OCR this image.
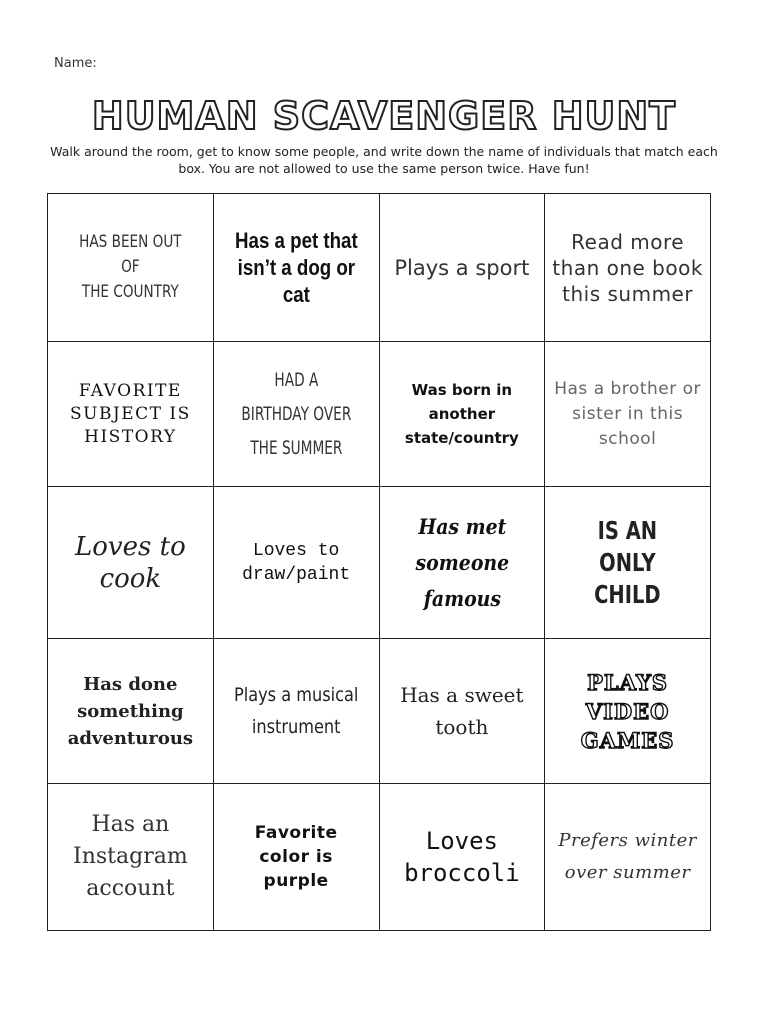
Name:
HUMAN SCAVENGER HUNT
Walk around the room, get to know some people, and write down the name of individuals that match each
box. You are not allowed to use the same person twice. Have fun!
HAS BEEN OUT OF
THE COUNTRY	Has a pet that
isn’t a dog or cat	Plays a sport	Read more
than one book
this summer

FAVORITE
SUBJECT IS
HISTORY	HAD A BIRTHDAY OVER
THE SUMMER	Was born in
another
state/country	Has a brother or
sister in this
school

Loves to cook	Loves to
draw/paint	Has met
someone famous	IS AN ONLY
CHILD

Has done
something
adventurous	Plays a musical
instrument	Has a sweet
tooth	PLAYS
VIDEO
GAMES

Has an
Instagram
account	Favorite
color is
purple	Loves
broccoli	Prefers winter
over summer
